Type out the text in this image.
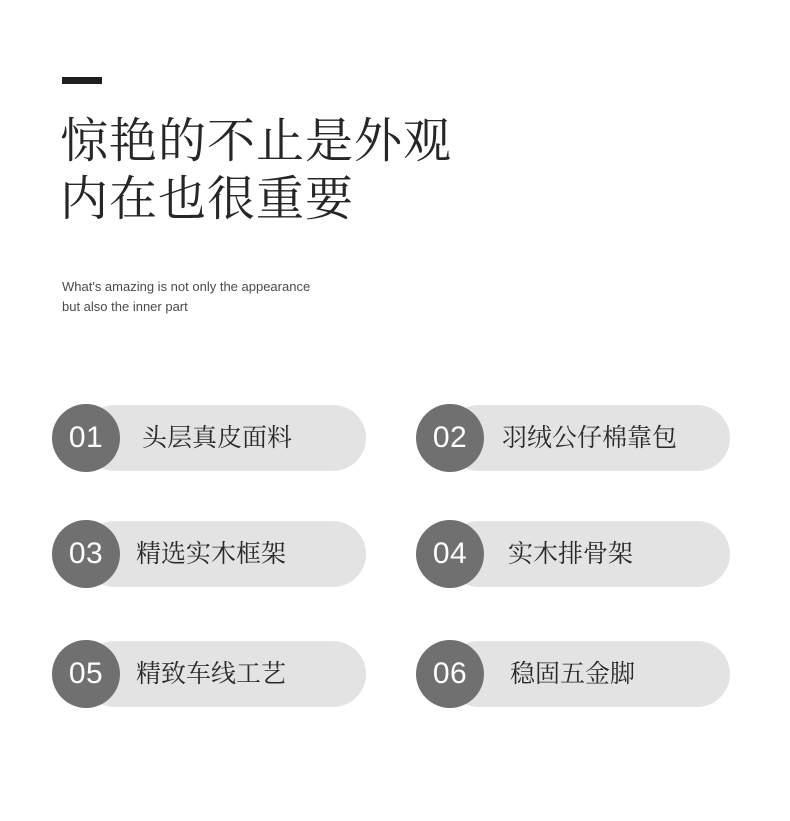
惊艳的不止是外观
内在也很重要

What's amazing is not only the appearance
but also the inner part

01	头层真皮面料	02	羽绒公仔棉靠包
03	精选实木框架	04	实木排骨架
05	精致车线工艺	06	稳固五金脚
